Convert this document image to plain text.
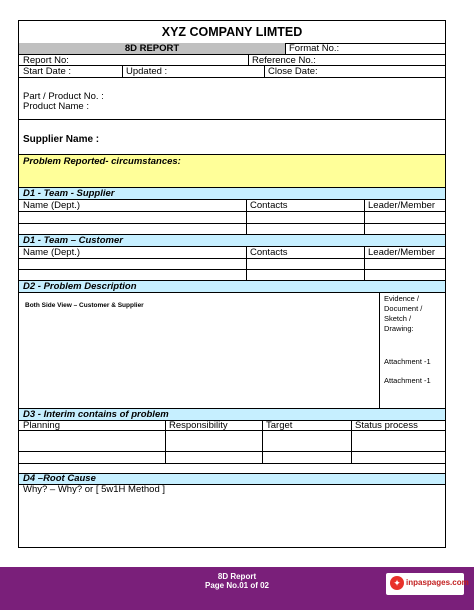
XYZ COMPANY LIMTED
8D REPORT	Format No.:
Report No:	Reference No.:
Start Date :	Updated :	Close Date:
Part / Product No. :
Product Name :
Supplier Name :
Problem Reported- circumstances:
D1 - Team - Supplier
Name (Dept.)	Contacts	Leader/Member
D1 - Team – Customer
Name (Dept.)	Contacts	Leader/Member
D2 - Problem Description
Both Side View – Customer & Supplier
Evidence /
Document /
Sketch /
Drawing:
Attachment -1
Attachment -1
D3 - Interim contains of problem
Planning	Responsibility	Target	Status process
D4 –Root Cause
Why? – Why? or [ 5w1H Method ]
8D Report
Page No.01 of 02	✦ inpaspages.com
